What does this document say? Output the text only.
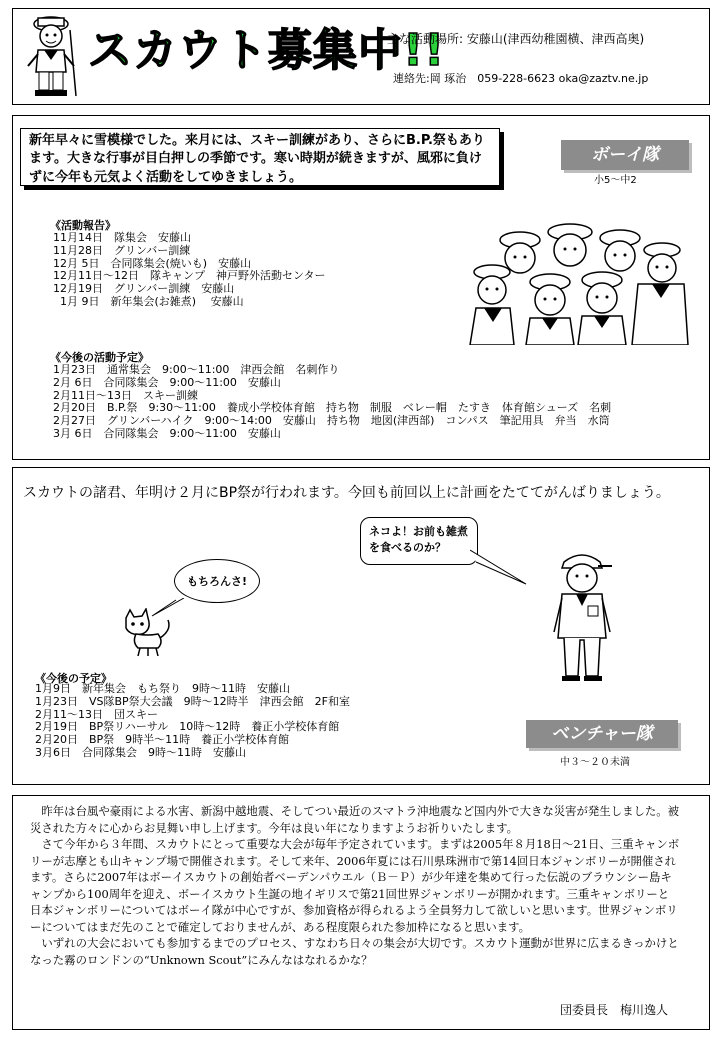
スカウト募集中!!
主な活動場所: 安藤山(津西幼稚園横、津西高奥)
連絡先:岡 琢治　059-228-6623 oka@zaztv.ne.jp
新年早々に雪模様でした。来月には、スキー訓練があり、さらにB.P.祭もあります。大きな行事が目白押しの季節です。寒い時期が続きますが、風邪に負けずに今年も元気よく活動をしてゆきましょう。
ボーイ隊
小5〜中2
《活動報告》
11月14日　隊集会　安藤山
11月28日　グリンバー訓練
12月 5日　合同隊集会(焼いも)　安藤山
12月11日〜12日　隊キャンプ　神戸野外活動センター
12月19日　グリンバー訓練　安藤山
1月 9日　新年集会(お雑煮)　 安藤山
《今後の活動予定》
1月23日　通常集会　9:00〜11:00　津西会館　名刺作り
2月 6日　合同隊集会　9:00〜11:00　安藤山
2月11日〜13日　スキー訓練
2月20日　B.P.祭　9:30〜11:00　養成小学校体育館　持ち物　制服　ベレー帽　たすき　体育館シューズ　名刺
2月27日　グリンバーハイク　9:00〜14:00　安藤山　持ち物　地図(津西部)　コンパス　筆記用具　弁当　水筒
3月 6日　合同隊集会　9:00〜11:00　安藤山
スカウトの諸君、年明け２月にBP祭が行われます。今回も前回以上に計画をたててがんばりましょう。
もちろんさ!
ネコよ！お前も雑煮を食べるのか？
《今後の予定》
1月9日　新年集会　もち祭り　9時〜11時　安藤山
1月23日　VS隊BP祭大会議　9時〜12時半　津西会館　2F和室
2月11〜13日　団スキー
2月19日　BP祭リハーサル　10時〜12時　養正小学校体育館
2月20日　BP祭　9時半〜11時　養正小学校体育館
3月6日　合同隊集会　9時〜11時　安藤山
ベンチャー隊
中３〜２０未満

昨年は台風や豪雨による水害、新潟中越地震、そしてつい最近のスマトラ沖地震など国内外で大きな災害が発生しました。被災された方々に心からお見舞い申し上げます。今年は良い年になりますようお祈りいたします。

さて今年から３年間、スカウトにとって重要な大会が毎年予定されています。まずは2005年８月18日〜21日、三重キャンボリーが志摩とも山キャンプ場で開催されます。そして来年、2006年夏には石川県珠洲市で第14回日本ジャンボリーが開催されます。さらに2007年はボーイスカウトの創始者ベーデンパウエル（Ｂ－Ｐ）が少年達を集めて行った伝説のブラウンシー島キャンプから100周年を迎え、ボーイスカウト生誕の地イギリスで第21回世界ジャンボリーが開かれます。三重キャンボリーと日本ジャンボリーについてはボーイ隊が中心ですが、参加資格が得られるよう全員努力して欲しいと思います。世界ジャンボリーについてはまだ先のことで確定しておりませんが、ある程度限られた参加枠になると思います。

いずれの大会においても参加するまでのプロセス、すなわち日々の集会が大切です。スカウト運動が世界に広まるきっかけとなった霧のロンドンの“Unknown Scout”にみんなはなれるかな？

団委員長　梅川逸人
